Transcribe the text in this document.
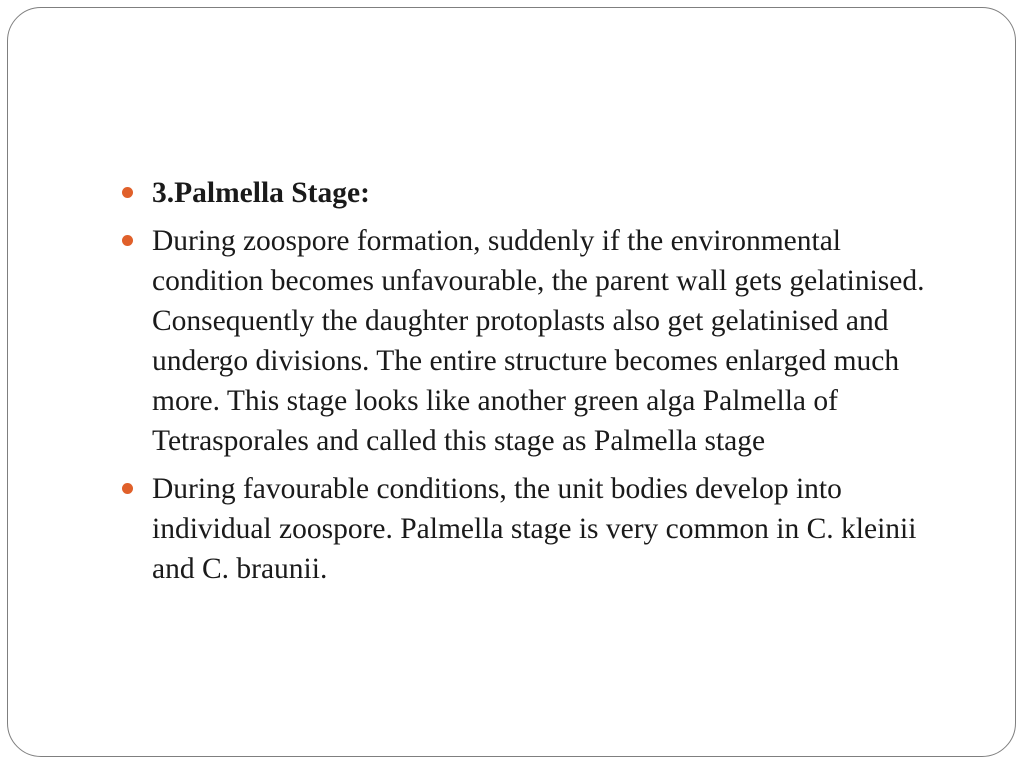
3.Palmella Stage:
During zoospore formation, suddenly if the environmental condition becomes unfavourable, the parent wall gets gelatinised. Consequently the daughter protoplasts also get gelatinised and undergo divisions. The entire structure becomes enlarged much more. This stage looks like another green alga Palmella of Tetrasporales and called this stage as Palmella stage
During favourable conditions, the unit bodies develop into individual zoospore. Palmella stage is very common in C. kleinii and C. braunii.
